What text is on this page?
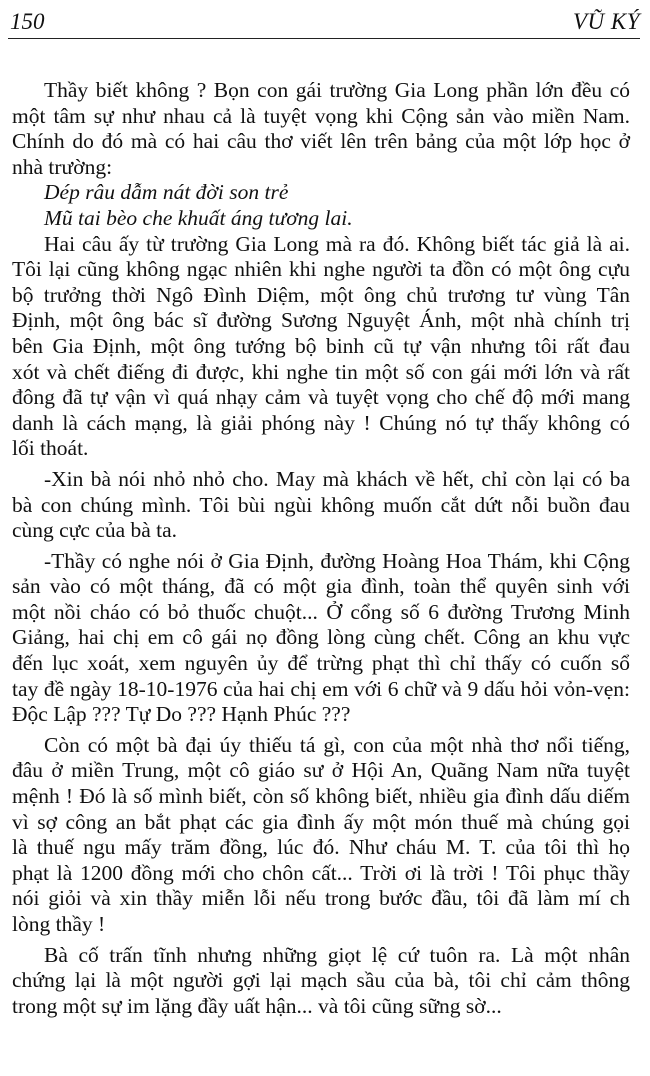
150	VŨ KÝ
Thầy biết không ? Bọn con gái trường Gia Long phần lớn đều có
một tâm sự như nhau cả là tuyệt vọng khi Cộng sản vào miền Nam.
Chính do đó mà có hai câu thơ viết lên trên bảng của một lớp học ở
nhà trường:
Dép râu dẫm nát đời son trẻ
Mũ tai bèo che khuất áng tương lai.
Hai câu ấy từ trường Gia Long mà ra đó. Không biết tác giả là ai.
Tôi lại cũng không ngạc nhiên khi nghe người ta đồn có một ông cựu
bộ trưởng thời Ngô Đình Diệm, một ông chủ trương tư vùng Tân
Định, một ông bác sĩ đường Sương Nguyệt Ánh, một nhà chính trị
bên Gia Định, một ông tướng bộ binh cũ tự vận nhưng tôi rất đau
xót và chết điếng đi được, khi nghe tin một số con gái mới lớn và rất
đông đã tự vận vì quá nhạy cảm và tuyệt vọng cho chế độ mới mang
danh là cách mạng, là giải phóng này ! Chúng nó tự thấy không có
lối thoát.
-Xin bà nói nhỏ nhỏ cho. May mà khách về hết, chỉ còn lại có ba
bà con chúng mình. Tôi bùi ngùi không muốn cắt dứt nỗi buồn đau
cùng cực của bà ta.
-Thầy có nghe nói ở Gia Định, đường Hoàng Hoa Thám, khi Cộng
sản vào có một tháng, đã có một gia đình, toàn thể quyên sinh với
một nồi cháo có bỏ thuốc chuột... Ở cổng số 6 đường Trương Minh
Giảng, hai chị em cô gái nọ đồng lòng cùng chết. Công an khu vực
đến lục xoát, xem nguyên ủy để trừng phạt thì chỉ thấy có cuốn sổ
tay đề ngày 18-10-1976 của hai chị em với 6 chữ và 9 dấu hỏi vỏn-vẹn:
Độc Lập ??? Tự Do ??? Hạnh Phúc ???
Còn có một bà đại úy thiếu tá gì, con của một nhà thơ nổi tiếng,
đâu ở miền Trung, một cô giáo sư ở Hội An, Quãng Nam nữa tuyệt
mệnh ! Đó là số mình biết, còn số không biết, nhiều gia đình dấu diếm
vì sợ công an bắt phạt các gia đình ấy một món thuế mà chúng gọi
là thuế ngu mấy trăm đồng, lúc đó. Như cháu M. T. của tôi thì họ
phạt là 1200 đồng mới cho chôn cất... Trời ơi là trời ! Tôi phục thầy
nói giỏi và xin thầy miễn lỗi nếu trong bước đầu, tôi đã làm mí ch
lòng thầy !
Bà cố trấn tĩnh nhưng những giọt lệ cứ tuôn ra. Là một nhân
chứng lại là một người gợi lại mạch sầu của bà, tôi chỉ cảm thông
trong một sự im lặng đầy uất hận... và tôi cũng sững sờ...
